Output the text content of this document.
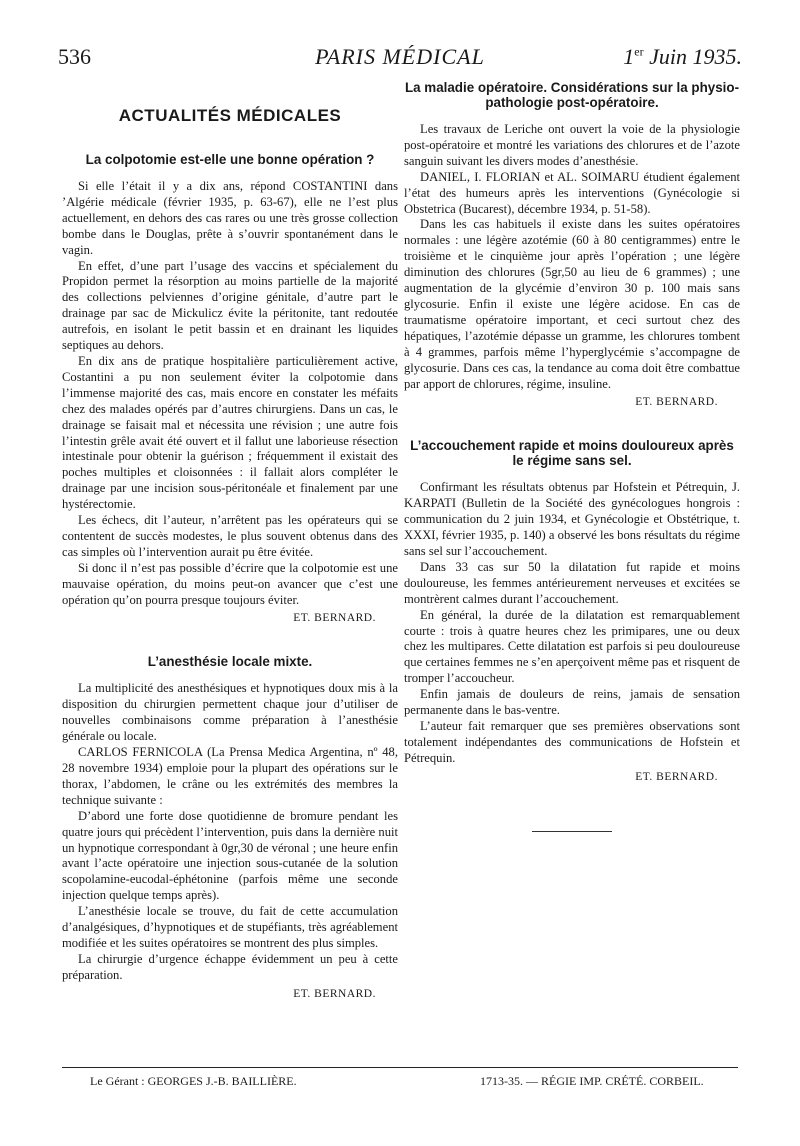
536	PARIS MÉDICAL	1er Juin 1935.
ACTUALITÉS MÉDICALES
La colpotomie est-elle une bonne opération ?

Si elle l’était il y a dix ans, répond COSTANTINI dans ’Algérie médicale (février 1935, p. 63-67), elle ne l’est plus actuellement, en dehors des cas rares ou une très grosse collection bombe dans le Douglas, prête à s’ouvrir spontanément dans le vagin.

En effet, d’une part l’usage des vaccins et spécialement du Propidon permet la résorption au moins partielle de la majorité des collections pelviennes d’origine génitale, d’autre part le drainage par sac de Mickulicz évite la péritonite, tant redoutée autrefois, en isolant le petit bassin et en drainant les liquides septiques au dehors.

En dix ans de pratique hospitalière particulièrement active, Costantini a pu non seulement éviter la colpotomie dans l’immense majorité des cas, mais encore en constater les méfaits chez des malades opérés par d’autres chirurgiens. Dans un cas, le drainage se faisait mal et nécessita une révision ; une autre fois l’intestin grêle avait été ouvert et il fallut une laborieuse résection intestinale pour obtenir la guérison ; fréquemment il existait des poches multiples et cloisonnées : il fallait alors compléter le drainage par une incision sous-péritonéale et finalement par une hystérectomie.

Les échecs, dit l’auteur, n’arrêtent pas les opérateurs qui se contentent de succès modestes, le plus souvent obtenus dans des cas simples où l’intervention aurait pu être évitée.

Si donc il n’est pas possible d’écrire que la colpotomie est une mauvaise opération, du moins peut-on avancer que c’est une opération qu’on pourra presque toujours éviter.

ET. BERNARD.
L’anesthésie locale mixte.

La multiplicité des anesthésiques et hypnotiques doux mis à la disposition du chirurgien permettent chaque jour d’utiliser de nouvelles combinaisons comme préparation à l’anesthésie générale ou locale.

CARLOS FERNICOLA (La Prensa Medica Argentina, nº 48, 28 novembre 1934) emploie pour la plupart des opérations sur le thorax, l’abdomen, le crâne ou les extrémités des membres la technique suivante :

D’abord une forte dose quotidienne de bromure pendant les quatre jours qui précèdent l’intervention, puis dans la dernière nuit un hypnotique correspondant à 0gr,30 de véronal ; une heure enfin avant l’acte opératoire une injection sous-cutanée de la solution scopolamine-eucodal-éphétonine (parfois même une seconde injection quelque temps après).

L’anesthésie locale se trouve, du fait de cette accumulation d’analgésiques, d’hypnotiques et de stupéfiants, très agréablement modifiée et les suites opératoires se montrent des plus simples.

La chirurgie d’urgence échappe évidemment un peu à cette préparation.

ET. BERNARD.
La maladie opératoire. Considérations sur la physio-pathologie post-opératoire.

Les travaux de Leriche ont ouvert la voie de la physiologie post-opératoire et montré les variations des chlorures et de l’azote sanguin suivant les divers modes d’anesthésie.

DANIEL, I. FLORIAN et AL. SOIMARU étudient également l’état des humeurs après les interventions (Gynécologie si Obstetrica (Bucarest), décembre 1934, p. 51-58).

Dans les cas habituels il existe dans les suites opératoires normales : une légère azotémie (60 à 80 centigrammes) entre le troisième et le cinquième jour après l’opération ; une légère diminution des chlorures (5gr,50 au lieu de 6 grammes) ; une augmentation de la glycémie d’environ 30 p. 100 mais sans glycosurie. Enfin il existe une légère acidose. En cas de traumatisme opératoire important, et ceci surtout chez des hépatiques, l’azotémie dépasse un gramme, les chlorures tombent à 4 grammes, parfois même l’hyperglycémie s’accompagne de glycosurie. Dans ces cas, la tendance au coma doit être combattue par apport de chlorures, régime, insuline.

ET. BERNARD.
L’accouchement rapide et moins douloureux après le régime sans sel.

Confirmant les résultats obtenus par Hofstein et Pétrequin, J. KARPATI (Bulletin de la Société des gynécologues hongrois : communication du 2 juin 1934, et Gynécologie et Obstétrique, t. XXXI, février 1935, p. 140) a observé les bons résultats du régime sans sel sur l’accouchement.

Dans 33 cas sur 50 la dilatation fut rapide et moins douloureuse, les femmes antérieurement nerveuses et excitées se montrèrent calmes durant l’accouchement.

En général, la durée de la dilatation est remarquablement courte : trois à quatre heures chez les primipares, une ou deux chez les multipares. Cette dilatation est parfois si peu douloureuse que certaines femmes ne s’en aperçoivent même pas et risquent de tromper l’accoucheur.

Enfin jamais de douleurs de reins, jamais de sensation permanente dans le bas-ventre.

L’auteur fait remarquer que ses premières observations sont totalement indépendantes des communications de Hofstein et Pétrequin.

ET. BERNARD.
Le Gérant : GEORGES J.-B. BAILLIÈRE.	1713-35. — RÉGIE IMP. CRÉTÉ. CORBEIL.
